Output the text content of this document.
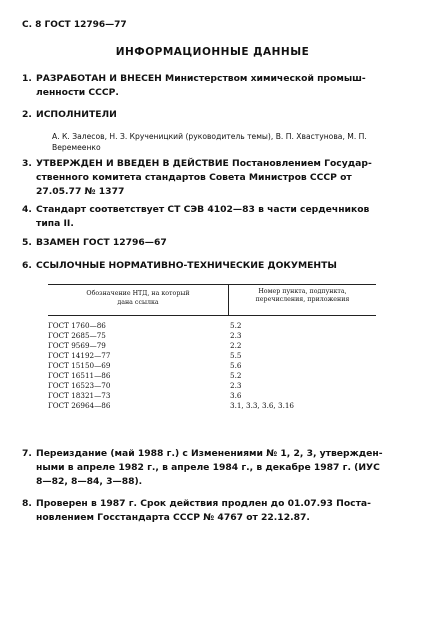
С. 8 ГОСТ 12796—77
ИНФОРМАЦИОННЫЕ ДАННЫЕ
1. РАЗРАБОТАН И ВНЕСЕН Министерством химической промыш-
ленности СССР.
2. ИСПОЛНИТЕЛИ
А. К. Залесов, Н. З. Крученицкий (руководитель темы), В. П. Хвастунова, М. П.
Веремеенко
3. УТВЕРЖДЕН И ВВЕДЕН В ДЕЙСТВИЕ Постановлением Государ-
ственного комитета стандартов Совета Министров СССР от
27.05.77 № 1377
4. Стандарт соответствует СТ СЭВ 4102—83 в части сердечников
типа II.
5. ВЗАМЕН ГОСТ 12796—67
6. ССЫЛОЧНЫЕ НОРМАТИВНО-ТЕХНИЧЕСКИЕ ДОКУМЕНТЫ
Обозначение НТД, на который
дана ссылка
Номер пункта, подпункта,
перечисления, приложения
ГОСТ 1760—86	5.2
ГОСТ 2685—75	2.3
ГОСТ 9569—79	2.2
ГОСТ 14192—77	5.5
ГОСТ 15150—69	5.6
ГОСТ 16511—86	5.2
ГОСТ 16523—70	2.3
ГОСТ 18321—73	3.6
ГОСТ 26964—86	3.1, 3.3, 3.6, 3.16
7. Переиздание (май 1988 г.) с Изменениями № 1, 2, 3, утвержден-
ными в апреле 1982 г., в апреле 1984 г., в декабре 1987 г. (ИУС
8—82, 8—84, 3—88).
8. Проверен в 1987 г. Срок действия продлен до 01.07.93 Поста-
новлением Госстандарта СССР № 4767 от 22.12.87.
